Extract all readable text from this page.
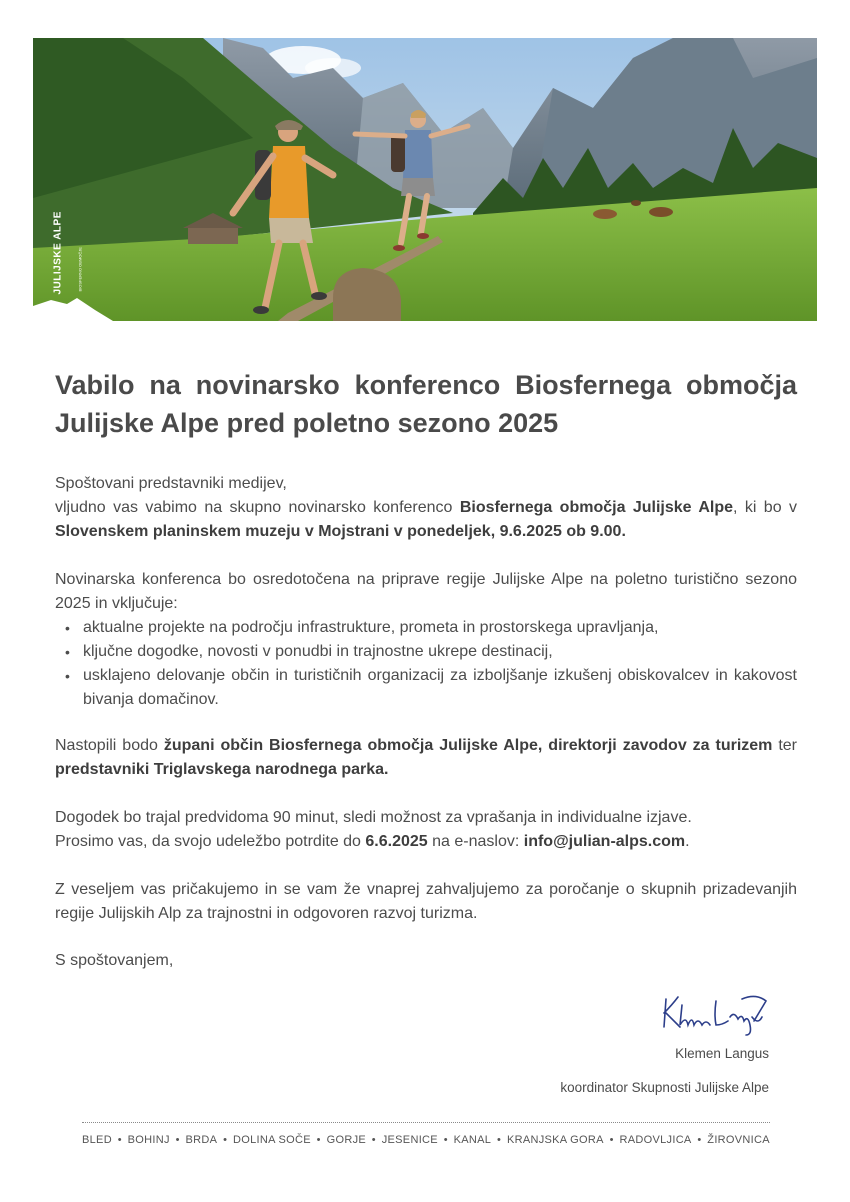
JULIJSKE ALPE	BIOSFERNO OBMOČJE
Vabilo na novinarsko konferenco Biosfernega območja Julijske Alpe pred poletno sezono 2025
Spoštovani predstavniki medijev,
vljudno vas vabimo na skupno novinarsko konferenco Biosfernega območja Julijske Alpe, ki bo v Slovenskem planinskem muzeju v Mojstrani v ponedeljek, 9.6.2025 ob 9.00.
Novinarska konferenca bo osredotočena na priprave regije Julijske Alpe na poletno turistično sezono 2025 in vključuje:
• aktualne projekte na področju infrastrukture, prometa in prostorskega upravljanja,
• ključne dogodke, novosti v ponudbi in trajnostne ukrepe destinacij,
• usklajeno delovanje občin in turističnih organizacij za izboljšanje izkušenj obiskovalcev in kakovost bivanja domačinov.
Nastopili bodo župani občin Biosfernega območja Julijske Alpe, direktorji zavodov za turizem ter predstavniki Triglavskega narodnega parka.
Dogodek bo trajal predvidoma 90 minut, sledi možnost za vprašanja in individualne izjave.
Prosimo vas, da svojo udeležbo potrdite do 6.6.2025 na e-naslov: info@julian-alps.com.
Z veseljem vas pričakujemo in se vam že vnaprej zahvaljujemo za poročanje o skupnih prizadevanjih regije Julijskih Alp za trajnostni in odgovoren razvoj turizma.
S spoštovanjem,
Klemen Langus
koordinator Skupnosti Julijske Alpe
BLED • BOHINJ • BRDA • DOLINA SOČE • GORJE • JESENICE • KANAL • KRANJSKA GORA • RADOVLJICA • ŽIROVNICA
